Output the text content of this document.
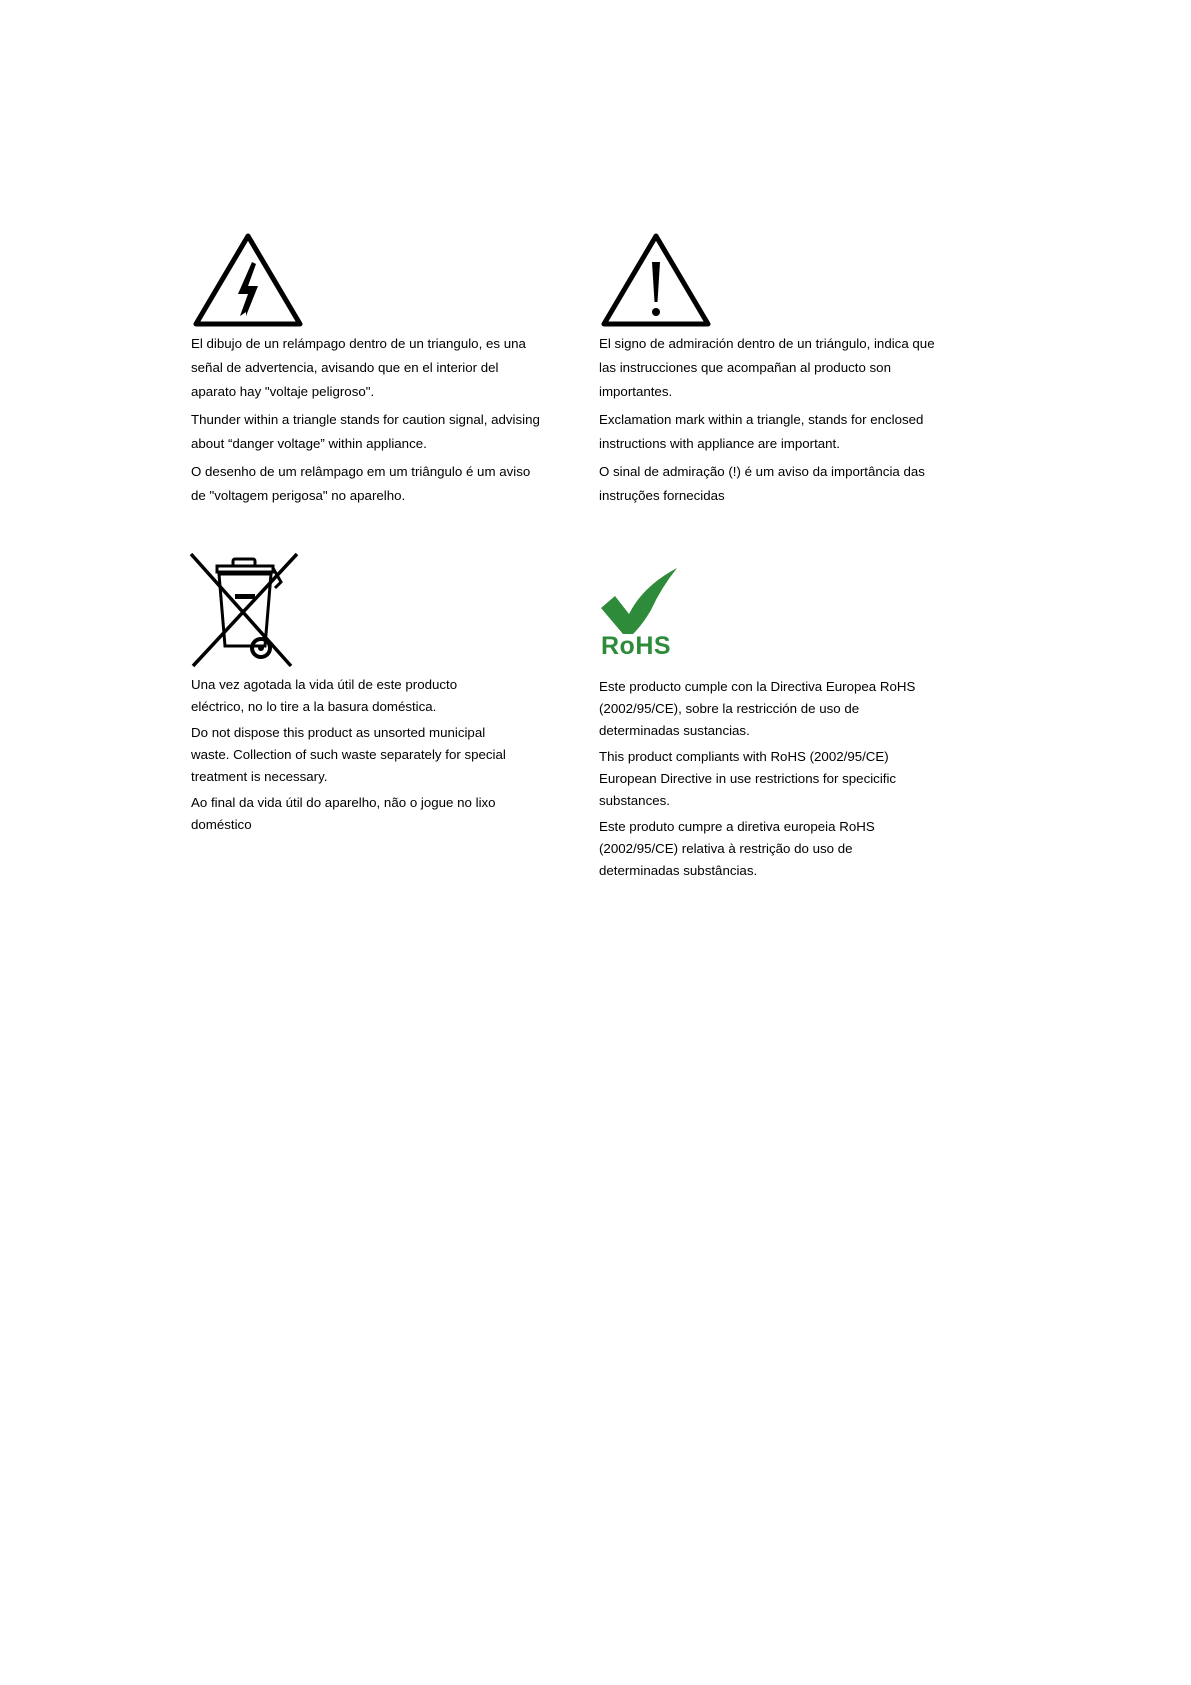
El dibujo de un relámpago dentro de un triangulo, es una
señal de advertencia, avisando que en el interior del
aparato hay "voltaje peligroso".

Thunder within a triangle stands for caution signal, advising
about “danger voltage” within appliance.

O desenho de um relâmpago em um triângulo é um aviso
de "voltagem perigosa" no aparelho.

El signo de admiración dentro de un triángulo, indica que
las instrucciones que acompañan al producto son
importantes.

Exclamation mark within a triangle, stands for enclosed
instructions with appliance are important.

O sinal de admiração (!) é um aviso da importância das
instruções fornecidas

RoHS

Una vez agotada la vida útil de este producto
eléctrico, no lo tire a la basura doméstica.

Do not dispose this product as unsorted municipal
waste. Collection of such waste separately for special
treatment is necessary.

Ao final da vida útil do aparelho, não o jogue no lixo
doméstico

Este producto cumple con la Directiva Europea RoHS
(2002/95/CE), sobre la restricción de uso de
determinadas sustancias.

This product compliants with RoHS (2002/95/CE)
European Directive in use restrictions for specicific
substances.

Este produto cumpre a diretiva europeia RoHS
(2002/95/CE) relativa à restrição do uso de
determinadas substâncias.
